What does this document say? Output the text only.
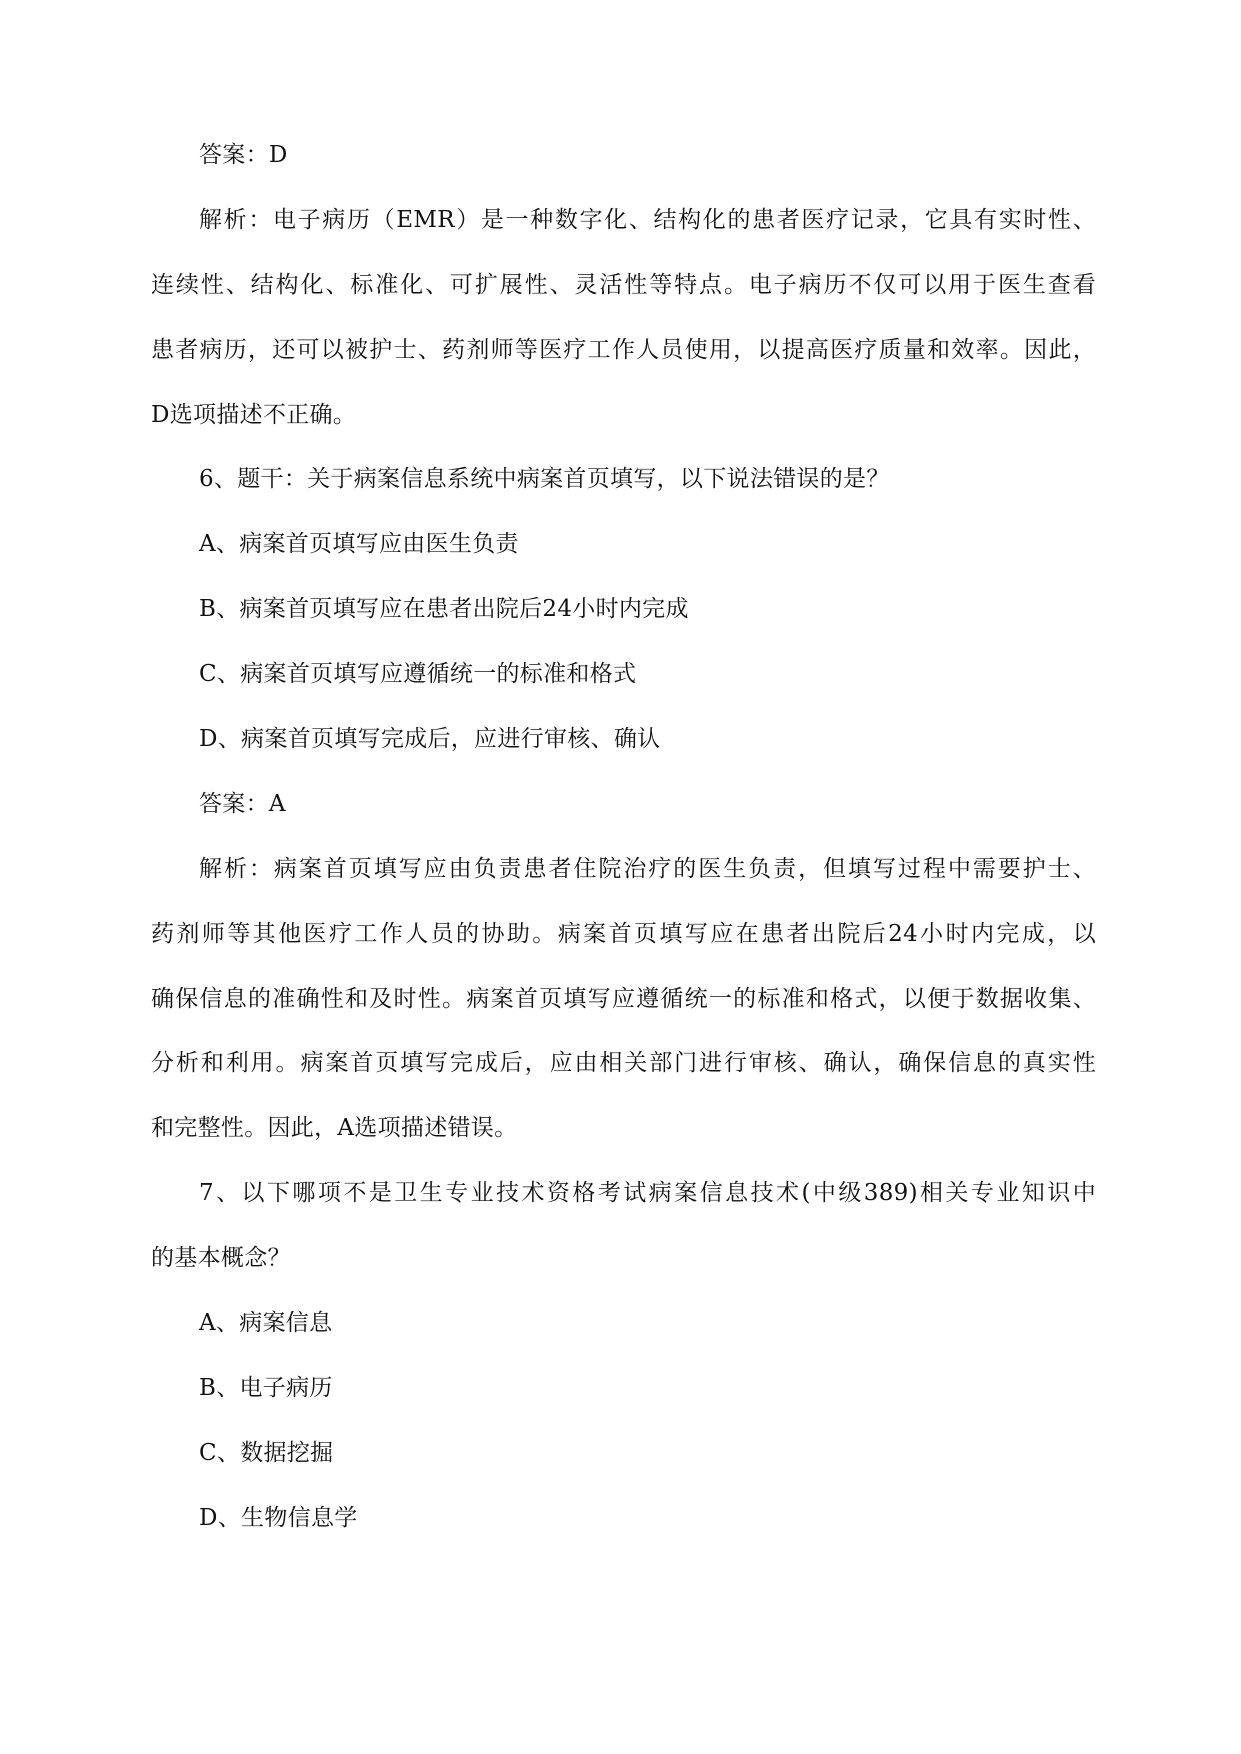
答案：D
解析：电子病历（EMR）是一种数字化、结构化的患者医疗记录，它具有实时性、
连续性、结构化、标准化、可扩展性、灵活性等特点。电子病历不仅可以用于医生查看
患者病历，还可以被护士、药剂师等医疗工作人员使用，以提高医疗质量和效率。因此，
D选项描述不正确。
6、题干：关于病案信息系统中病案首页填写，以下说法错误的是？
A、病案首页填写应由医生负责
B、病案首页填写应在患者出院后24小时内完成
C、病案首页填写应遵循统一的标准和格式
D、病案首页填写完成后，应进行审核、确认
答案：A
解析：病案首页填写应由负责患者住院治疗的医生负责，但填写过程中需要护士、
药剂师等其他医疗工作人员的协助。病案首页填写应在患者出院后24小时内完成，以
确保信息的准确性和及时性。病案首页填写应遵循统一的标准和格式，以便于数据收集、
分析和利用。病案首页填写完成后，应由相关部门进行审核、确认，确保信息的真实性
和完整性。因此，A选项描述错误。
7、以下哪项不是卫生专业技术资格考试病案信息技术(中级389)相关专业知识中
的基本概念？
A、病案信息
B、电子病历
C、数据挖掘
D、生物信息学
